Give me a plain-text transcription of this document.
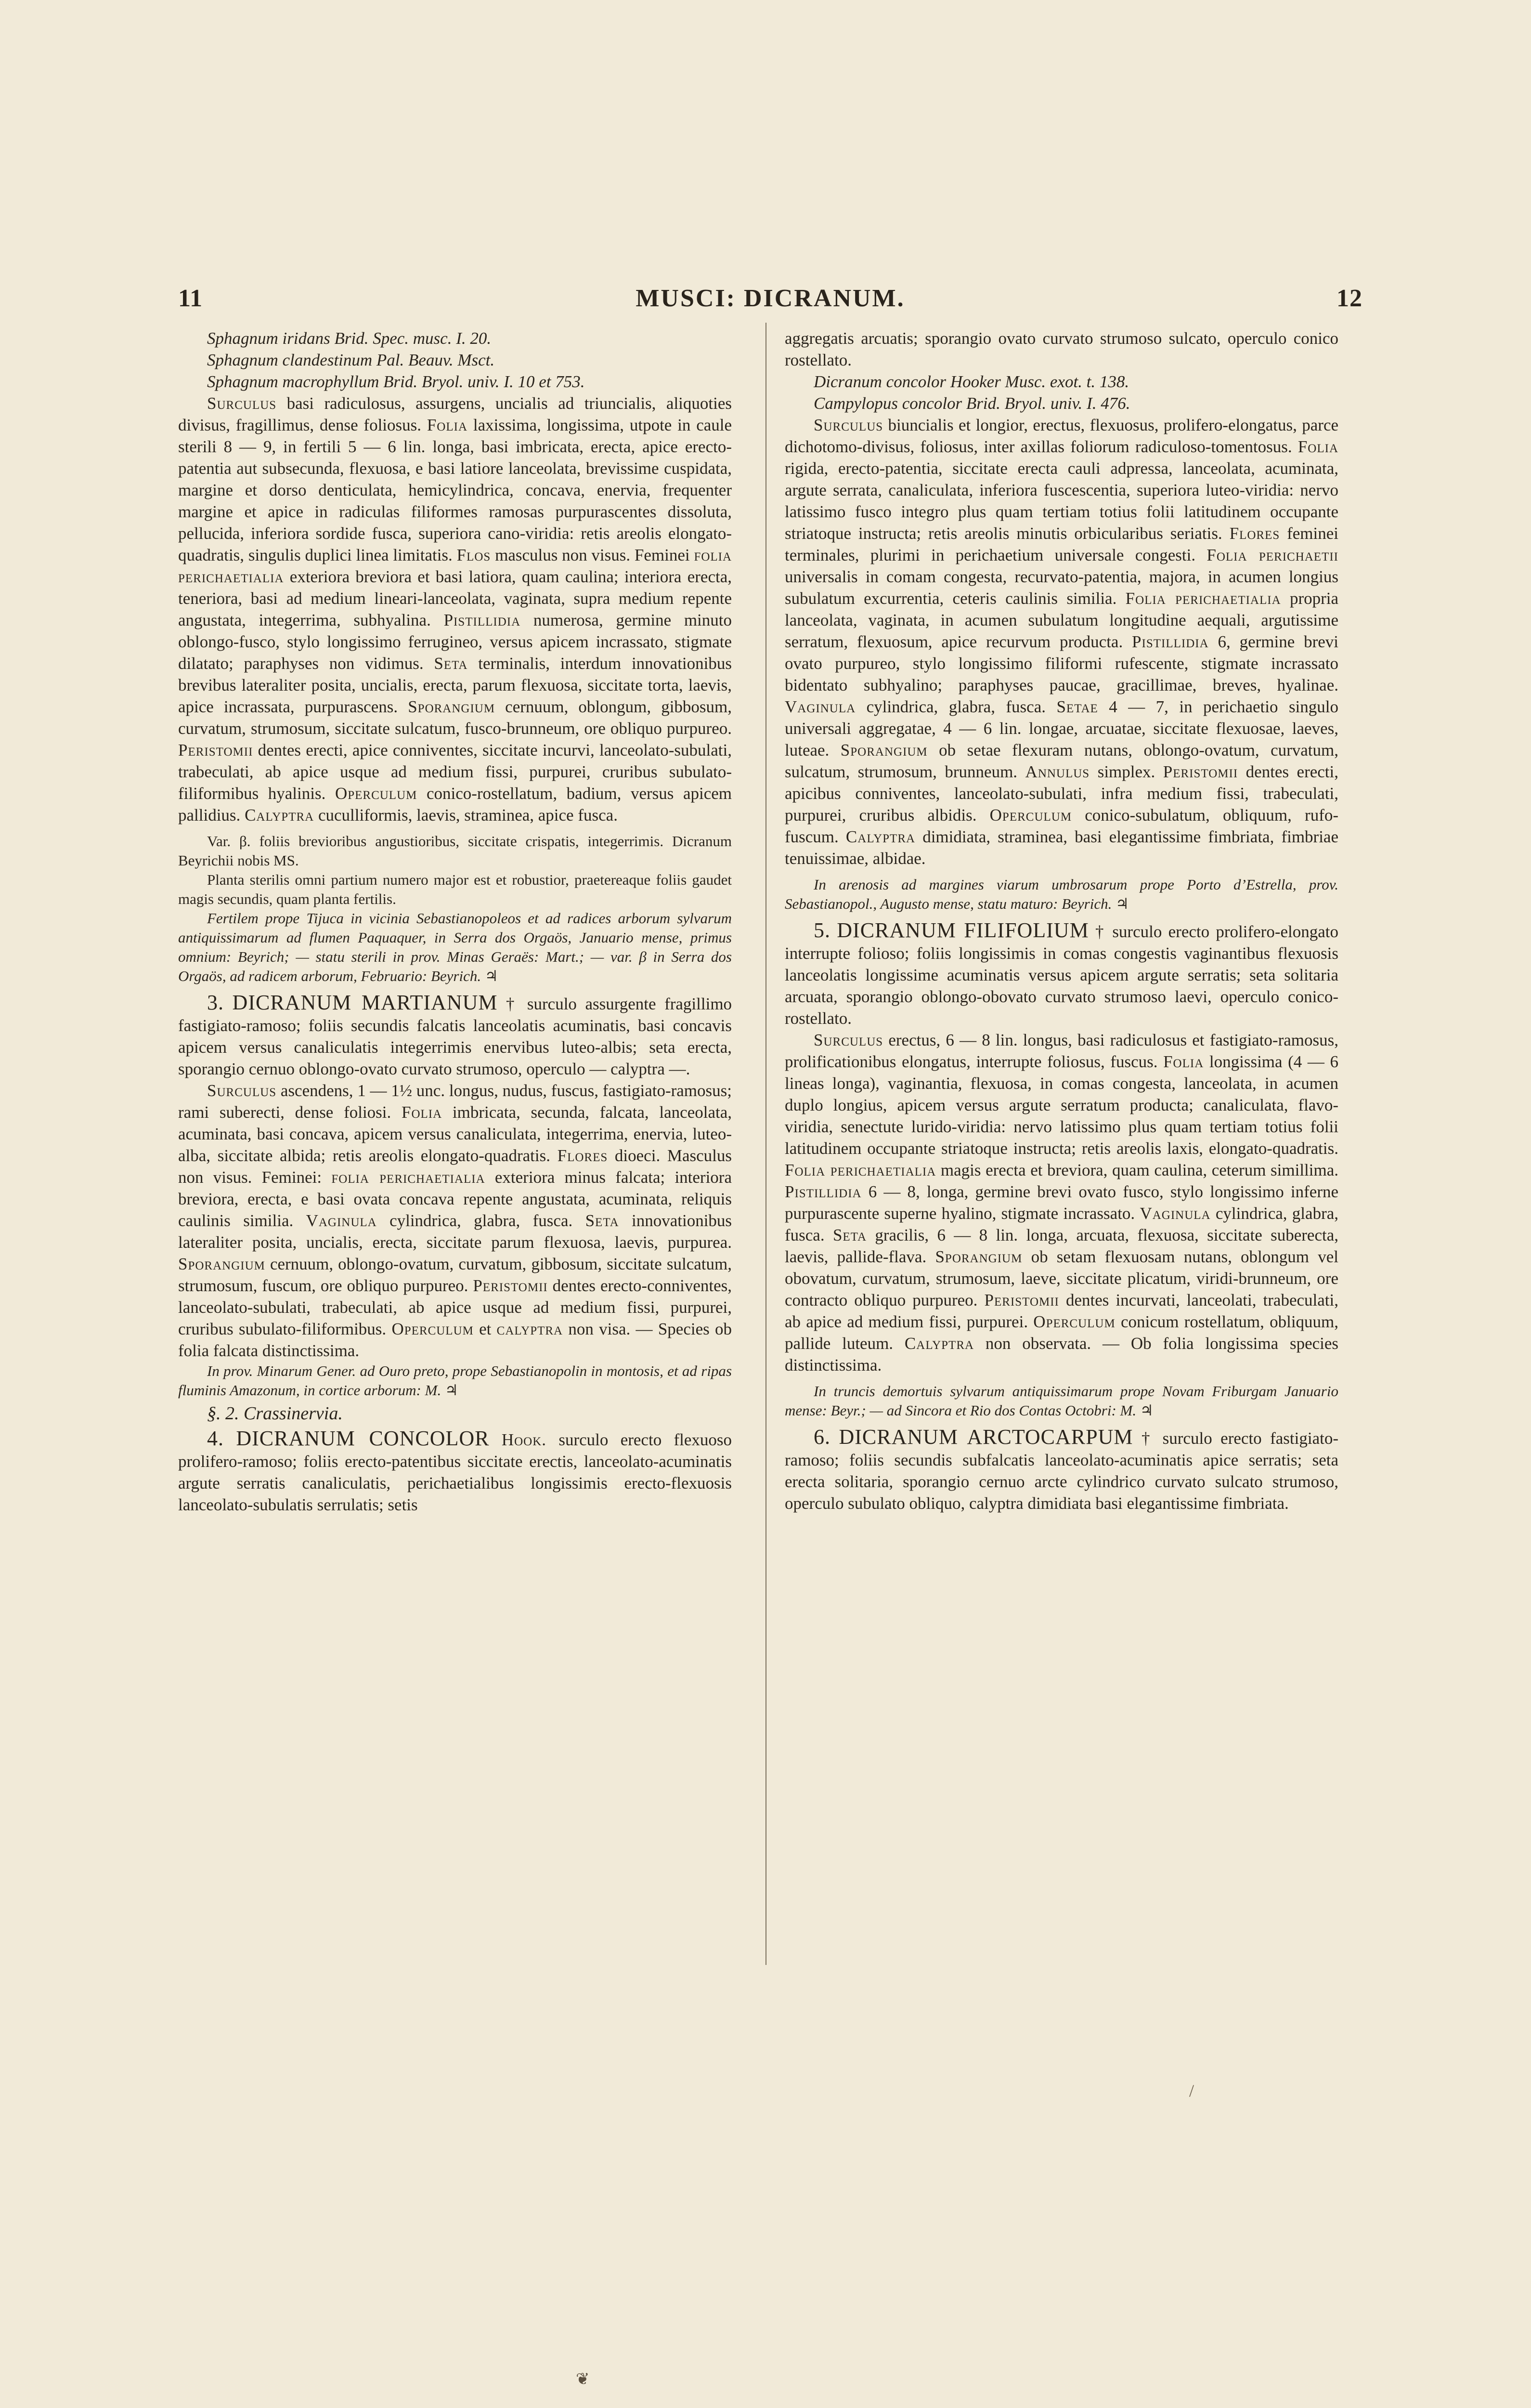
11	MUSCI: DICRANUM.	12

Sphagnum iridans Brid. Spec. musc. I. 20.

Sphagnum clandestinum Pal. Beauv. Msct.

Sphagnum macrophyllum Brid. Bryol. univ. I. 10 et 753.

Surculus basi radiculosus, assurgens, uncialis ad triuncialis, aliquoties divisus, fragillimus, dense foliosus. Folia laxissima, longissima, utpote in caule sterili 8 — 9, in fertili 5 — 6 lin. longa, basi imbricata, erecta, apice erecto-patentia aut subsecunda, flexuosa, e basi latiore lanceolata, brevissime cuspidata, margine et dorso denticulata, hemicylindrica, concava, enervia, frequenter margine et apice in radiculas filiformes ramosas purpurascentes dissoluta, pellucida, inferiora sordide fusca, superiora cano-viridia: retis areolis elongato-quadratis, singulis duplici linea limitatis. Flos masculus non visus. Feminei folia perichaetialia exteriora breviora et basi latiora, quam caulina; interiora erecta, teneriora, basi ad medium lineari-lanceolata, vaginata, supra medium repente angustata, integerrima, subhyalina. Pistillidia numerosa, germine minuto oblongo-fusco, stylo longissimo ferrugineo, versus apicem incrassato, stigmate dilatato; paraphyses non vidimus. Seta terminalis, interdum innovationibus brevibus lateraliter posita, uncialis, erecta, parum flexuosa, siccitate torta, laevis, apice incrassata, purpurascens. Sporangium cernuum, oblongum, gibbosum, curvatum, strumosum, siccitate sulcatum, fusco-brunneum, ore obliquo purpureo. Peristomii dentes erecti, apice conniventes, siccitate incurvi, lanceolato-subulati, trabeculati, ab apice usque ad medium fissi, purpurei, cruribus subulato-filiformibus hyalinis. Operculum conico-rostellatum, badium, versus apicem pallidius. Calyptra cuculliformis, laevis, straminea, apice fusca.

Var. β. foliis brevioribus angustioribus, siccitate crispatis, integerrimis. Dicranum Beyrichii nobis MS.

Planta sterilis omni partium numero major est et robustior, praetereaque foliis gaudet magis secundis, quam planta fertilis.

Fertilem prope Tijuca in vicinia Sebastianopoleos et ad radices arborum sylvarum antiquissimarum ad flumen Paquaquer, in Serra dos Orgaös, Januario mense, primus omnium: Beyrich; — statu sterili in prov. Minas Geraës: Mart.; — var. β in Serra dos Orgaös, ad radicem arborum, Februario: Beyrich. ♃

3. DICRANUM MARTIANUM † surculo assurgente fragillimo fastigiato-ramoso; foliis secundis falcatis lanceolatis acuminatis, basi concavis apicem versus canaliculatis integerrimis enervibus luteo-albis; seta erecta, sporangio cernuo oblongo-ovato curvato strumoso, operculo — calyptra —.

Surculus ascendens, 1 — 1½ unc. longus, nudus, fuscus, fastigiato-ramosus; rami suberecti, dense foliosi. Folia imbricata, secunda, falcata, lanceolata, acuminata, basi concava, apicem versus canaliculata, integerrima, enervia, luteo-alba, siccitate albida; retis areolis elongato-quadratis. Flores dioeci. Masculus non visus. Feminei: folia perichaetialia exteriora minus falcata; interiora breviora, erecta, e basi ovata concava repente angustata, acuminata, reliquis caulinis similia. Vaginula cylindrica, glabra, fusca. Seta innovationibus lateraliter posita, uncialis, erecta, siccitate parum flexuosa, laevis, purpurea. Sporangium cernuum, oblongo-ovatum, curvatum, gibbosum, siccitate sulcatum, strumosum, fuscum, ore obliquo purpureo. Peristomii dentes erecto-conniventes, lanceolato-subulati, trabeculati, ab apice usque ad medium fissi, purpurei, cruribus subulato-filiformibus. Operculum et calyptra non visa. — Species ob folia falcata distinctissima.

In prov. Minarum Gener. ad Ouro preto, prope Sebastianopolin in montosis, et ad ripas fluminis Amazonum, in cortice arborum: M. ♃

§. 2. Crassinervia.

4. DICRANUM CONCOLOR Hook. surculo erecto flexuoso prolifero-ramoso; foliis erecto-patentibus siccitate erectis, lanceolato-acuminatis argute serratis canaliculatis, perichaetialibus longissimis erecto-flexuosis lanceolato-subulatis serrulatis; setis

aggregatis arcuatis; sporangio ovato curvato strumoso sulcato, operculo conico rostellato.

Dicranum concolor Hooker Musc. exot. t. 138.

Campylopus concolor Brid. Bryol. univ. I. 476.

Surculus biuncialis et longior, erectus, flexuosus, prolifero-elongatus, parce dichotomo-divisus, foliosus, inter axillas foliorum radiculoso-tomentosus. Folia rigida, erecto-patentia, siccitate erecta cauli adpressa, lanceolata, acuminata, argute serrata, canaliculata, inferiora fuscescentia, superiora luteo-viridia: nervo latissimo fusco integro plus quam tertiam totius folii latitudinem occupante striatoque instructa; retis areolis minutis orbicularibus seriatis. Flores feminei terminales, plurimi in perichaetium universale congesti. Folia perichaetii universalis in comam congesta, recurvato-patentia, majora, in acumen longius subulatum excurrentia, ceteris caulinis similia. Folia perichaetialia propria lanceolata, vaginata, in acumen subulatum longitudine aequali, argutissime serratum, flexuosum, apice recurvum producta. Pistillidia 6, germine brevi ovato purpureo, stylo longissimo filiformi rufescente, stigmate incrassato bidentato subhyalino; paraphyses paucae, gracillimae, breves, hyalinae. Vaginula cylindrica, glabra, fusca. Setae 4 — 7, in perichaetio singulo universali aggregatae, 4 — 6 lin. longae, arcuatae, siccitate flexuosae, laeves, luteae. Sporangium ob setae flexuram nutans, oblongo-ovatum, curvatum, sulcatum, strumosum, brunneum. Annulus simplex. Peristomii dentes erecti, apicibus conniventes, lanceolato-subulati, infra medium fissi, trabeculati, purpurei, cruribus albidis. Operculum conico-subulatum, obliquum, rufo-fuscum. Calyptra dimidiata, straminea, basi elegantissime fimbriata, fimbriae tenuissimae, albidae.

In arenosis ad margines viarum umbrosarum prope Porto d’Estrella, prov. Sebastianopol., Augusto mense, statu maturo: Beyrich. ♃

5. DICRANUM FILIFOLIUM † surculo erecto prolifero-elongato interrupte folioso; foliis longissimis in comas congestis vaginantibus flexuosis lanceolatis longissime acuminatis versus apicem argute serratis; seta solitaria arcuata, sporangio oblongo-obovato curvato strumoso laevi, operculo conico-rostellato.

Surculus erectus, 6 — 8 lin. longus, basi radiculosus et fastigiato-ramosus, prolificationibus elongatus, interrupte foliosus, fuscus. Folia longissima (4 — 6 lineas longa), vaginantia, flexuosa, in comas congesta, lanceolata, in acumen duplo longius, apicem versus argute serratum producta; canaliculata, flavo-viridia, senectute lurido-viridia: nervo latissimo plus quam tertiam totius folii latitudinem occupante striatoque instructa; retis areolis laxis, elongato-quadratis. Folia perichaetialia magis erecta et breviora, quam caulina, ceterum simillima. Pistillidia 6 — 8, longa, germine brevi ovato fusco, stylo longissimo inferne purpurascente superne hyalino, stigmate incrassato. Vaginula cylindrica, glabra, fusca. Seta gracilis, 6 — 8 lin. longa, arcuata, flexuosa, siccitate suberecta, laevis, pallide-flava. Sporangium ob setam flexuosam nutans, oblongum vel obovatum, curvatum, strumosum, laeve, siccitate plicatum, viridi-brunneum, ore contracto obliquo purpureo. Peristomii dentes incurvati, lanceolati, trabeculati, ab apice ad medium fissi, purpurei. Operculum conicum rostellatum, obliquum, pallide luteum. Calyptra non observata. — Ob folia longissima species distinctissima.

In truncis demortuis sylvarum antiquissimarum prope Novam Friburgam Januario mense: Beyr.; — ad Sincora et Rio dos Contas Octobri: M. ♃

6. DICRANUM ARCTOCARPUM † surculo erecto fastigiato-ramoso; foliis secundis subfalcatis lanceolato-acuminatis apice serratis; seta erecta solitaria, sporangio cernuo arcte cylindrico curvato sulcato strumoso, operculo subulato obliquo, calyptra dimidiata basi elegantissime fimbriata.

/
❦
